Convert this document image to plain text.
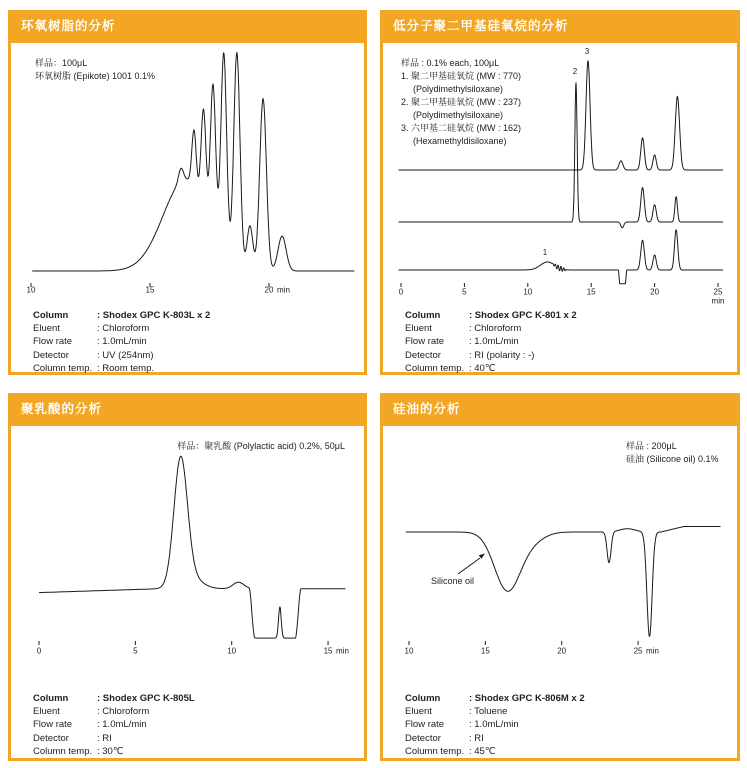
环氧树脂的分析
10	15	20 min
样品：100μL
环氧树脂 (Epikote) 1001 0.1%
Column	: Shodex GPC K-803L x 2
Eluent	: Chloroform
Flow rate	: 1.0mL/min
Detector	: UV (254nm)
Column temp. : Room temp.
低分子聚二甲基硅氧烷的分析
0	5	10	15	20	25
min
样品 : 0.1% each, 100μL
1. 聚二甲基硅氧烷 (MW : 770)
(Polydimethylsiloxane)
2. 聚二甲基硅氧烷 (MW : 237)
(Polydimethylsiloxane)
3. 六甲基二硅氧烷 (MW : 162)
(Hexamethyldisiloxane)
1
2
3
Column	: Shodex GPC K-801 x 2
Eluent	: Chloroform
Flow rate	: 1.0mL/min
Detector	: RI (polarity : -)
Column temp. : 40℃
聚乳酸的分析
0	5	10	15 min
样品：聚乳酸 (Polylactic acid) 0.2%, 50μL
Column	: Shodex GPC K-805L
Eluent	: Chloroform
Flow rate	: 1.0mL/min
Detector	: RI
Column temp. : 30℃
硅油的分析
10	15	20	25 min
样品 : 200μL
硅油 (Silicone oil) 0.1%
Silicone oil
Column	: Shodex GPC K-806M x 2
Eluent	: Toluene
Flow rate	: 1.0mL/min
Detector	: RI
Column temp. : 45℃
